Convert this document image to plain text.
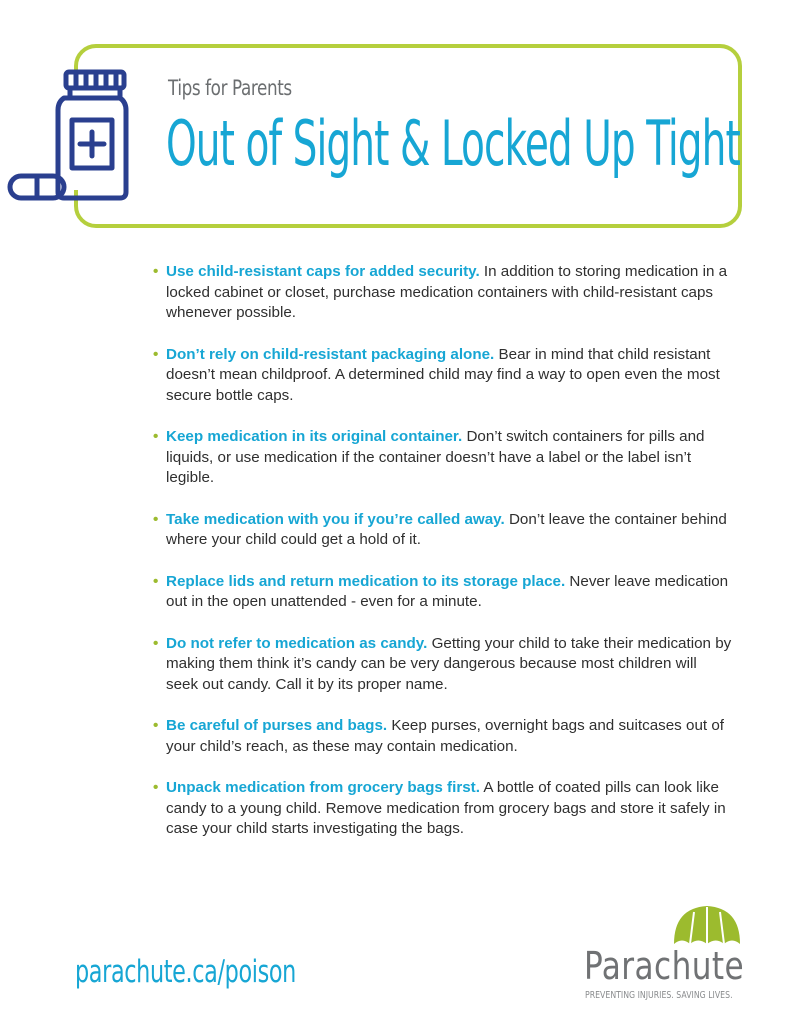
Tips for Parents
Out of Sight & Locked Up Tight
• Use child-resistant caps for added security. In addition to storing medication in a locked cabinet or closet, purchase medication containers with child-resistant caps whenever possible.
• Don’t rely on child-resistant packaging alone. Bear in mind that child resistant doesn’t mean childproof. A determined child may find a way to open even the most secure bottle caps.
• Keep medication in its original container. Don’t switch containers for pills and liquids, or use medication if the container doesn’t have a label or the label isn’t legible.
• Take medication with you if you’re called away. Don’t leave the container behind where your child could get a hold of it.
• Replace lids and return medication to its storage place. Never leave medication out in the open unattended - even for a minute.
• Do not refer to medication as candy. Getting your child to take their medication by making them think it’s candy can be very dangerous because most children will seek out candy. Call it by its proper name.
• Be careful of purses and bags. Keep purses, overnight bags and suitcases out of your child’s reach, as these may contain medication.
• Unpack medication from grocery bags first. A bottle of coated pills can look like candy to a young child. Remove medication from grocery bags and store it safely in case your child starts investigating the bags.
parachute.ca/poison	Parachute
PREVENTING INJURIES. SAVING LIVES.
